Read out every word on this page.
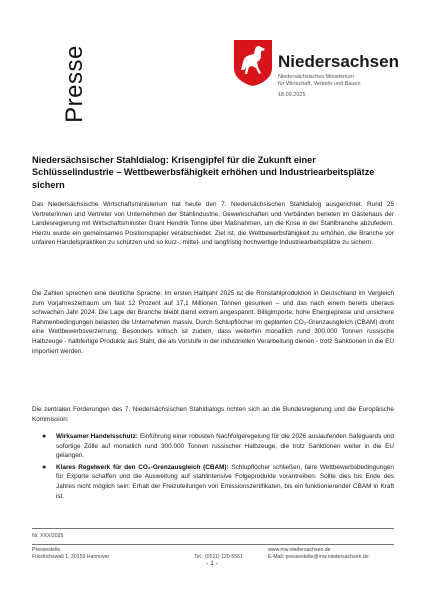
Presse	Niedersachsen
Niedersächsisches Ministerium
für Wirtschaft, Verkehr und Bauen
18.09.2025
Niedersächsischer Stahldialog: Krisengipfel für die Zukunft einer Schlüsselindustrie – Wettbewerbsfähigkeit erhöhen und Industriearbeitsplätze sichern

Das Niedersächsische Wirtschaftsministerium hat heute den 7. Niedersächsischen Stahldialog ausgerichtet. Rund 25 Vertreterinnen und Vertreter von Unternehmen der Stahlindustrie, Gewerkschaften und Verbänden berieten im Gästehaus der Landesregierung mit Wirtschaftsminister Grant Hendrik Tonne über Maßnahmen, um die Krise in der Stahlbranche abzufedern. Hierzu wurde ein gemeinsames Positionspapier verabschiedet. Ziel ist, die Wettbewerbsfähigkeit zu erhöhen, die Branche vor unfairen Handelspraktiken zu schützen und so kurz-, mittel- und langfristig hochwertige Industriearbeitsplätze zu sichern.

Die Zahlen sprechen eine deutliche Sprache: Im ersten Halbjahr 2025 ist die Rohstahlproduktion in Deutschland im Vergleich zum Vorjahreszeitraum um fast 12 Prozent auf 17,1 Millionen Tonnen gesunken – und das nach einem bereits überaus schwachen Jahr 2024. Die Lage der Branche bleibt damit extrem angespannt. Billigimporte, hohe Energiepreise und unsichere Rahmenbedingungen belasten die Unternehmen massiv. Durch Schlupflöcher im geplanten CO₂-Grenzausgleich (CBAM) droht eine Wettbewerbsverzerrung. Besonders kritisch ist zudem, dass weiterhin monatlich rund 300.000 Tonnen russische Halbzeuge - halbfertige Produkte aus Stahl, die als Vorstufe in der industriellen Verarbeitung dienen - trotz Sanktionen in die EU importiert werden.

Die zentralen Forderungen des 7. Niedersächsischen Stahldialogs richten sich an die Bundesregierung und die Europäische Kommission:

● Wirksamer Handelsschutz: Einführung einer robusten Nachfolgeregelung für die 2026 auslaufenden Safeguards und sofortige Zölle auf monatlich rund 300.000 Tonnen russischer Halbzeuge, die trotz Sanktionen weiter in die EU gelangen.
● Klares Regelwerk für den CO₂-Grenzausgleich (CBAM): Schlupflöcher schließen, faire Wettbewerbsbedingungen für Exporte schaffen und die Ausweitung auf stahlintensive Folgeprodukte vorantreiben. Sollte dies bis Ende des Jahres nicht möglich sein: Erhalt der Freizuteilungen von Emissionszertifikaten, bis ein funktionierender CBAM in Kraft ist.
Nr. XXX/2025
Pressestelle
Friedrichswall 1, 30159 Hannover	Tel.: (0511) 120-5561
www.mw.niedersachsen.de
E-Mail: pressestelle@mw.niedersachsen.de
- 1 -
